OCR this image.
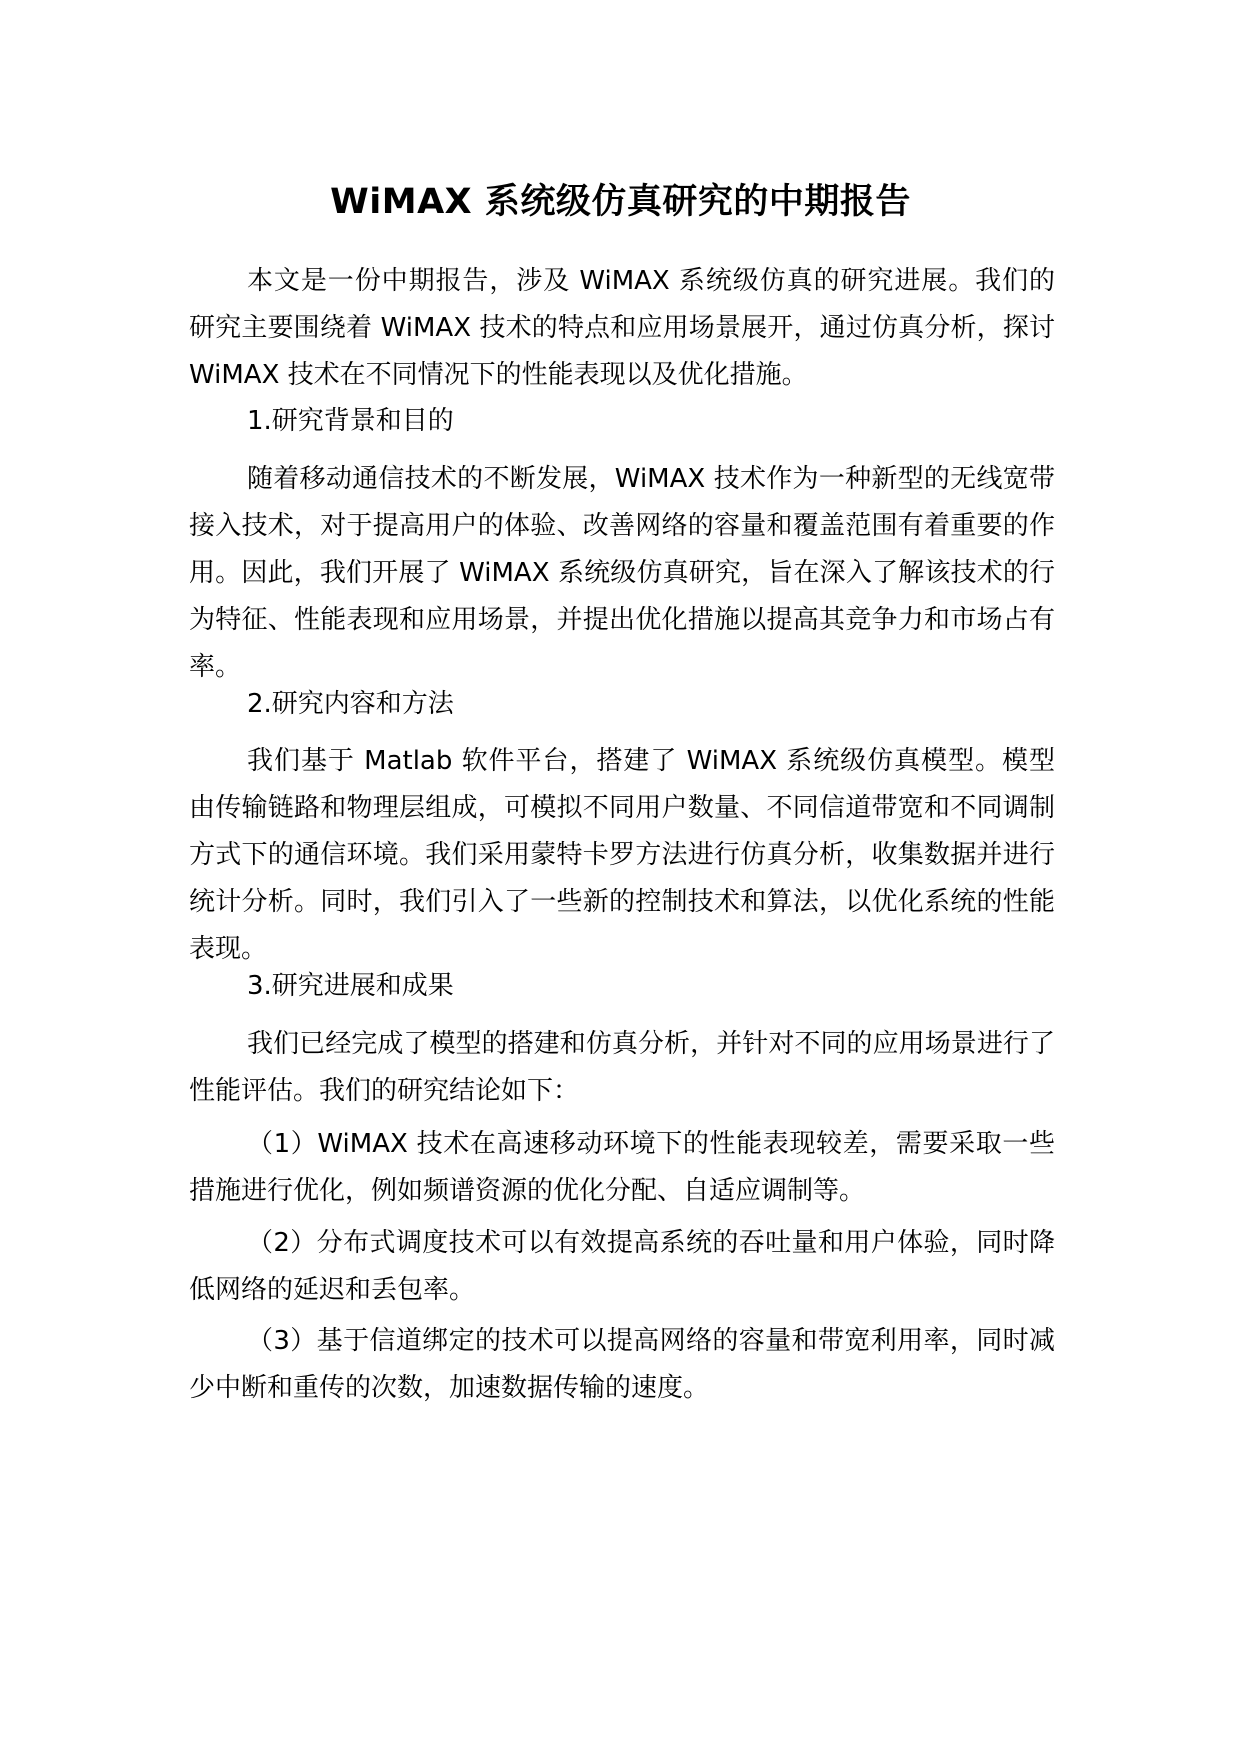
WiMAX 系统级仿真研究的中期报告

本文是一份中期报告，涉及 WiMAX 系统级仿真的研究进展。我们的研究主要围绕着 WiMAX 技术的特点和应用场景展开，通过仿真分析，探讨 WiMAX 技术在不同情况下的性能表现以及优化措施。

1.研究背景和目的

随着移动通信技术的不断发展，WiMAX 技术作为一种新型的无线宽带接入技术，对于提高用户的体验、改善网络的容量和覆盖范围有着重要的作用。因此，我们开展了 WiMAX 系统级仿真研究，旨在深入了解该技术的行为特征、性能表现和应用场景，并提出优化措施以提高其竞争力和市场占有率。

2.研究内容和方法

我们基于 Matlab 软件平台，搭建了 WiMAX 系统级仿真模型。模型由传输链路和物理层组成，可模拟不同用户数量、不同信道带宽和不同调制方式下的通信环境。我们采用蒙特卡罗方法进行仿真分析，收集数据并进行统计分析。同时，我们引入了一些新的控制技术和算法，以优化系统的性能表现。

3.研究进展和成果

我们已经完成了模型的搭建和仿真分析，并针对不同的应用场景进行了性能评估。我们的研究结论如下：

（1）WiMAX 技术在高速移动环境下的性能表现较差，需要采取一些措施进行优化，例如频谱资源的优化分配、自适应调制等。

（2）分布式调度技术可以有效提高系统的吞吐量和用户体验，同时降低网络的延迟和丢包率。

（3）基于信道绑定的技术可以提高网络的容量和带宽利用率，同时减少中断和重传的次数，加速数据传输的速度。
